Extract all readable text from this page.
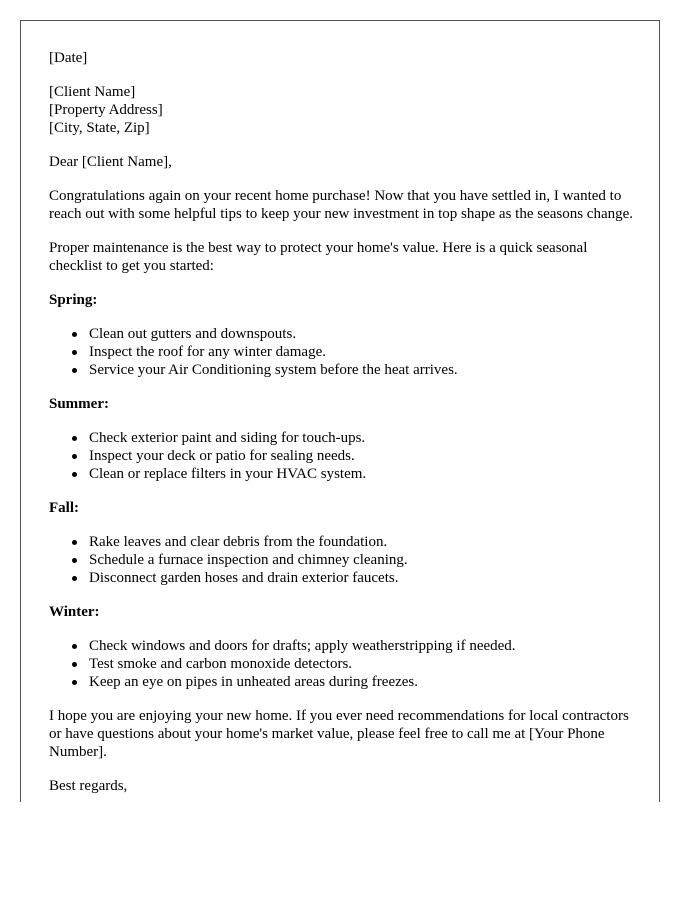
[Date]

[Client Name]
[Property Address]
[City, State, Zip]

Dear [Client Name],

Congratulations again on your recent home purchase! Now that you have settled in, I wanted to reach out with some helpful tips to keep your new investment in top shape as the seasons change.

Proper maintenance is the best way to protect your home's value. Here is a quick seasonal checklist to get you started:

Spring:
Clean out gutters and downspouts.
Inspect the roof for any winter damage.
Service your Air Conditioning system before the heat arrives.
Summer:
Check exterior paint and siding for touch-ups.
Inspect your deck or patio for sealing needs.
Clean or replace filters in your HVAC system.
Fall:
Rake leaves and clear debris from the foundation.
Schedule a furnace inspection and chimney cleaning.
Disconnect garden hoses and drain exterior faucets.
Winter:
Check windows and doors for drafts; apply weatherstripping if needed.
Test smoke and carbon monoxide detectors.
Keep an eye on pipes in unheated areas during freezes.

I hope you are enjoying your new home. If you ever need recommendations for local contractors or have questions about your home's market value, please feel free to call me at [Your Phone Number].

Best regards,
